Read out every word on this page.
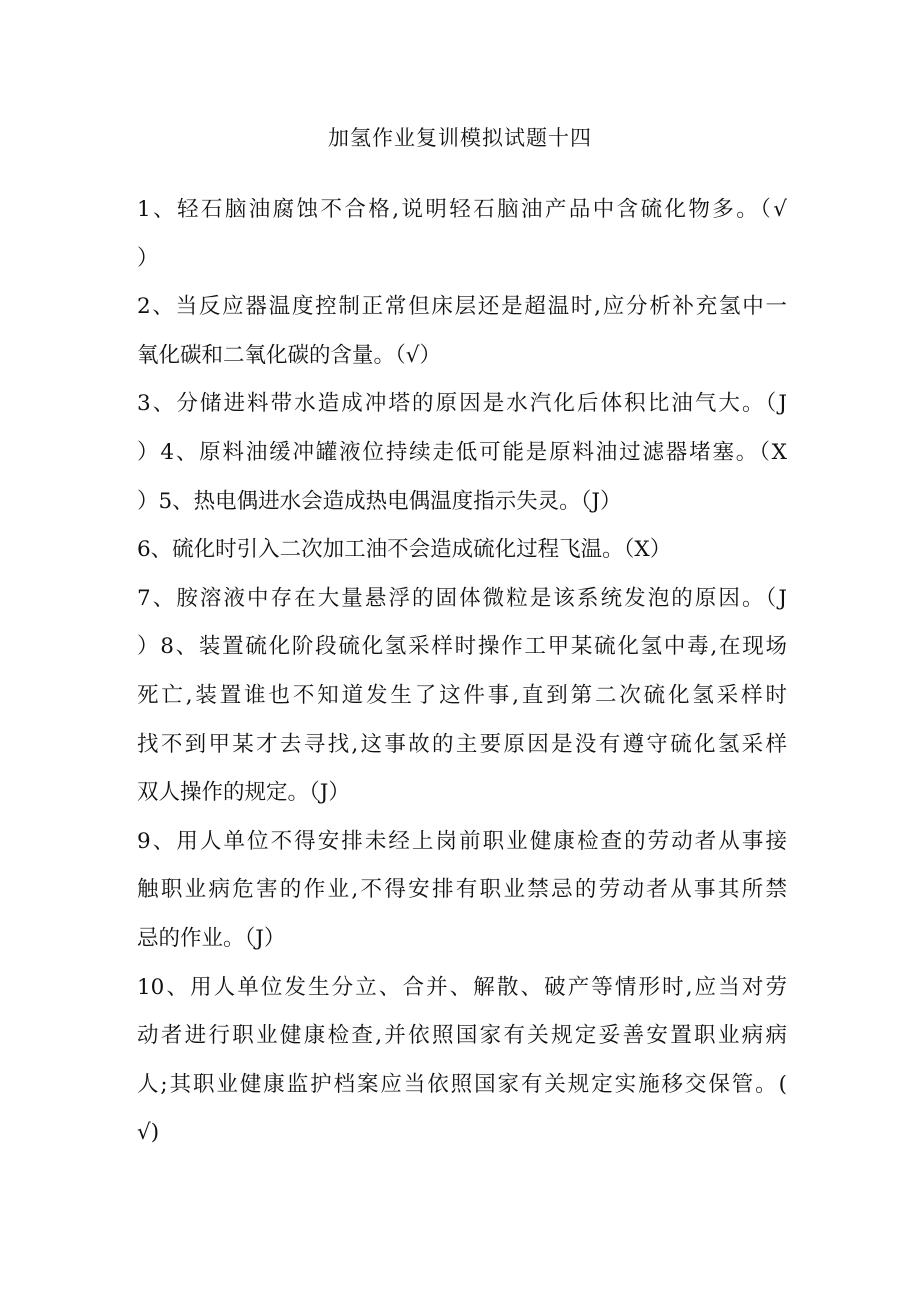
加氢作业复训模拟试题十四
1、轻石脑油腐蚀不合格,说明轻石脑油产品中含硫化物多。（√
）
2、当反应器温度控制正常但床层还是超温时,应分析补充氢中一
氧化碳和二氧化碳的含量。（√）
3、分储进料带水造成冲塔的原因是水汽化后体积比油气大。（J
）4、原料油缓冲罐液位持续走低可能是原料油过滤器堵塞。（X
）5、热电偶进水会造成热电偶温度指示失灵。（J）
6、硫化时引入二次加工油不会造成硫化过程飞温。（X）
7、胺溶液中存在大量悬浮的固体微粒是该系统发泡的原因。（J
）8、装置硫化阶段硫化氢采样时操作工甲某硫化氢中毒,在现场
死亡,装置谁也不知道发生了这件事,直到第二次硫化氢采样时
找不到甲某才去寻找,这事故的主要原因是没有遵守硫化氢采样
双人操作的规定。（J）
9、用人单位不得安排未经上岗前职业健康检查的劳动者从事接
触职业病危害的作业,不得安排有职业禁忌的劳动者从事其所禁
忌的作业。（J）
10、用人单位发生分立、合并、解散、破产等情形时,应当对劳
动者进行职业健康检查,并依照国家有关规定妥善安置职业病病
人;其职业健康监护档案应当依照国家有关规定实施移交保管。(
√)
